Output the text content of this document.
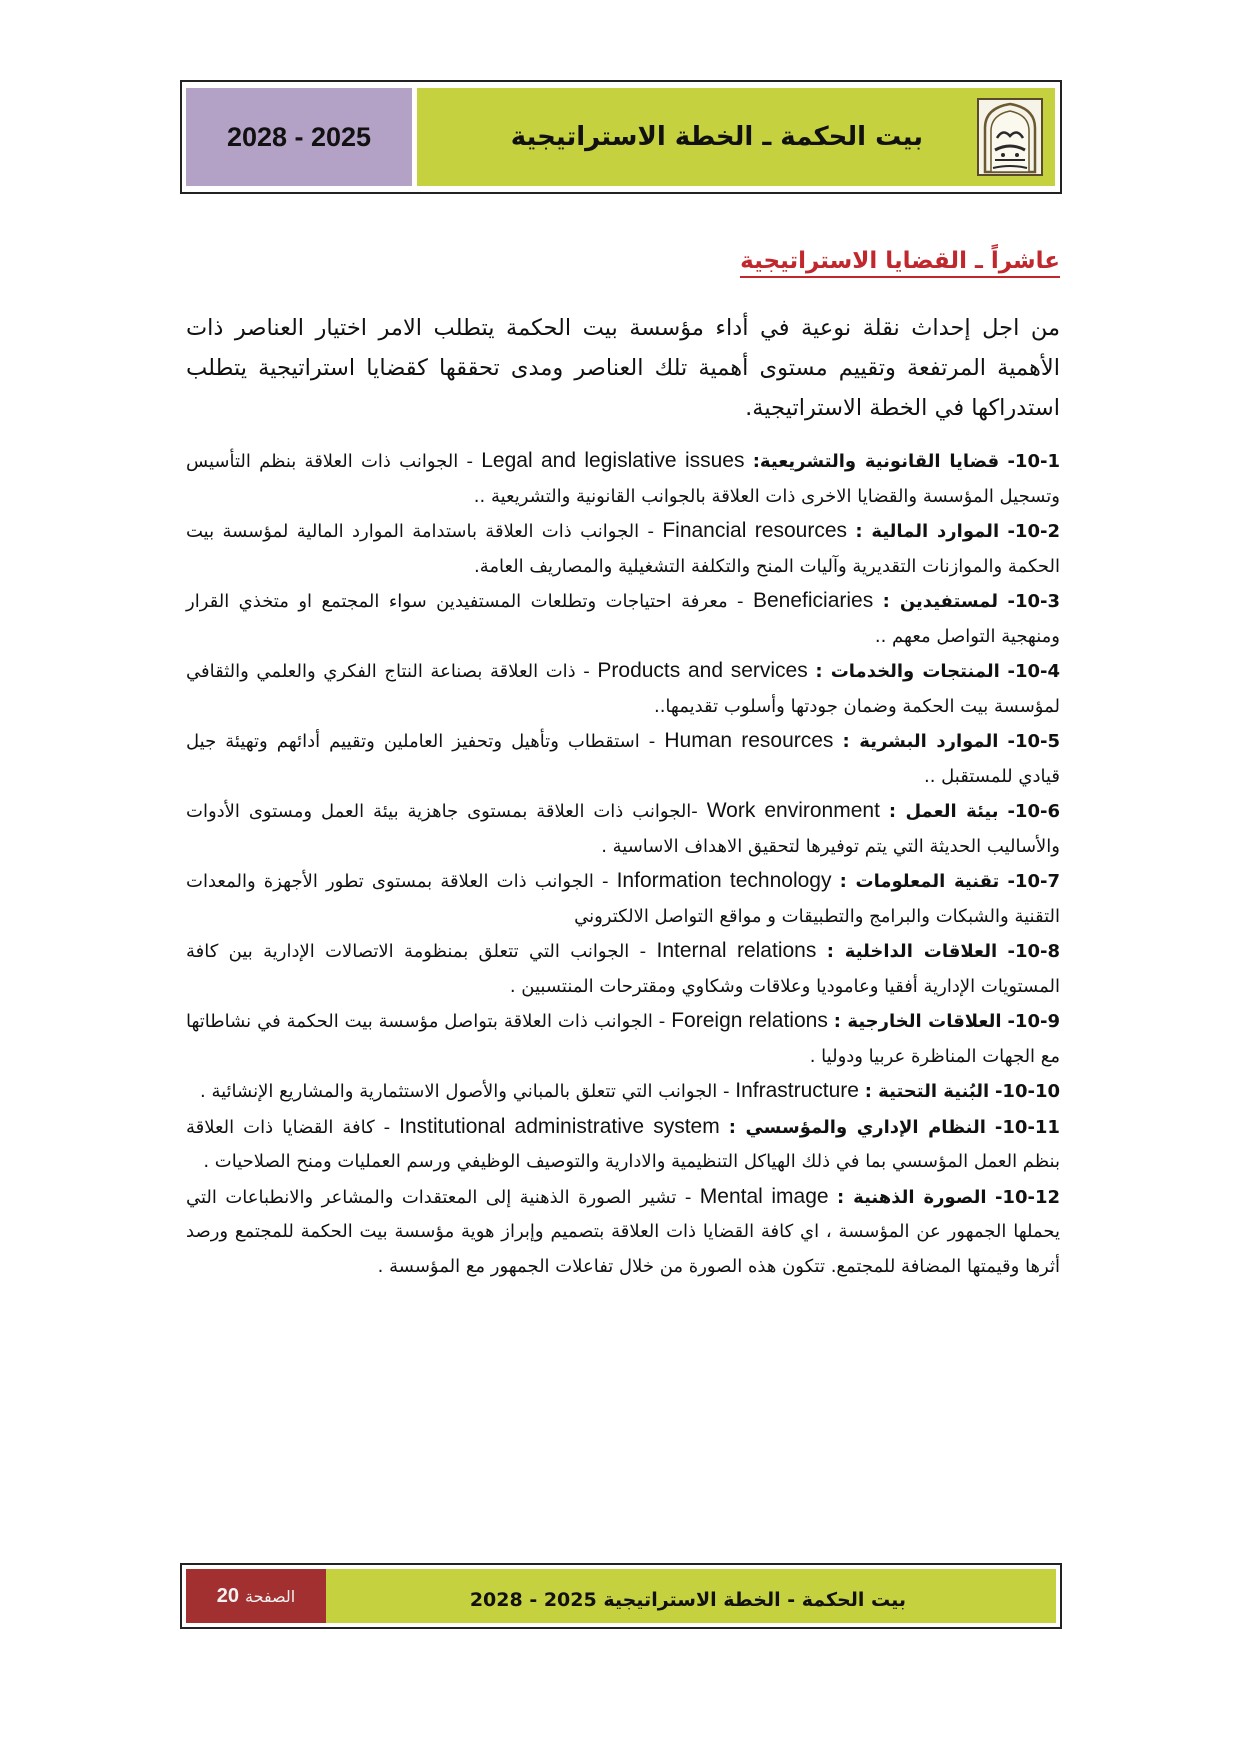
2028 - 2025	بيت الحكمة ـ الخطة الاستراتيجية
عاشراً ـ القضايا الاستراتيجية
من اجل إحداث نقلة نوعية في أداء مؤسسة بيت الحكمة يتطلب الامر اختيار العناصر ذات الأهمية المرتفعة وتقييم مستوى أهمية تلك العناصر ومدى تحققها كقضايا استراتيجية يتطلب استدراكها في الخطة الاستراتيجية.

10-1- قضايا القانونية والتشريعية: Legal and legislative issues - الجوانب ذات العلاقة بنظم التأسيس وتسجيل المؤسسة والقضايا الاخرى ذات العلاقة بالجوانب القانونية والتشريعية ..

10-2- الموارد المالية : Financial resources - الجوانب ذات العلاقة باستدامة الموارد المالية لمؤسسة بيت الحكمة والموازنات التقديرية وآليات المنح والتكلفة التشغيلية والمصاريف العامة.

10-3- لمستفيدين : Beneficiaries - معرفة احتياجات وتطلعات المستفيدين سواء المجتمع او متخذي القرار ومنهجية التواصل معهم ..

10-4- المنتجات والخدمات : Products and services - ذات العلاقة بصناعة النتاج الفكري والعلمي والثقافي لمؤسسة بيت الحكمة وضمان جودتها وأسلوب تقديمها..

10-5- الموارد البشرية : Human resources - استقطاب وتأهيل وتحفيز العاملين وتقييم أدائهم وتهيئة جيل قيادي للمستقبل ..

10-6- بيئة العمل : Work environment -الجوانب ذات العلاقة بمستوى جاهزية بيئة العمل ومستوى الأدوات والأساليب الحديثة التي يتم توفيرها لتحقيق الاهداف الاساسية .

10-7- تقنية المعلومات : Information technology - الجوانب ذات العلاقة بمستوى تطور الأجهزة والمعدات التقنية والشبكات والبرامج والتطبيقات و مواقع التواصل الالكتروني

10-8- العلاقات الداخلية : Internal relations - الجوانب التي تتعلق بمنظومة الاتصالات الإدارية بين كافة المستويات الإدارية أفقيا وعاموديا وعلاقات وشكاوي ومقترحات المنتسبين .

10-9- العلاقات الخارجية : Foreign relations - الجوانب ذات العلاقة بتواصل مؤسسة بيت الحكمة في نشاطاتها مع الجهات المناظرة عربيا ودوليا .

10-10- البُنية التحتية : Infrastructure - الجوانب التي تتعلق بالمباني والأصول الاستثمارية والمشاريع الإنشائية .

10-11- النظام الإداري والمؤسسي : Institutional administrative system - كافة القضايا ذات العلاقة بنظم العمل المؤسسي بما في ذلك الهياكل التنظيمية والادارية والتوصيف الوظيفي ورسم العمليات ومنح الصلاحيات .

10-12- الصورة الذهنية : Mental image - تشير الصورة الذهنية إلى المعتقدات والمشاعر والانطباعات التي يحملها الجمهور عن المؤسسة ، اي كافة القضايا ذات العلاقة بتصميم وإبراز هوية مؤسسة بيت الحكمة للمجتمع ورصد أثرها وقيمتها المضافة للمجتمع. تتكون هذه الصورة من خلال تفاعلات الجمهور مع المؤسسة .

بيت الحكمة - الخطة الاستراتيجية 2025 - 2028
الصفحة
20
